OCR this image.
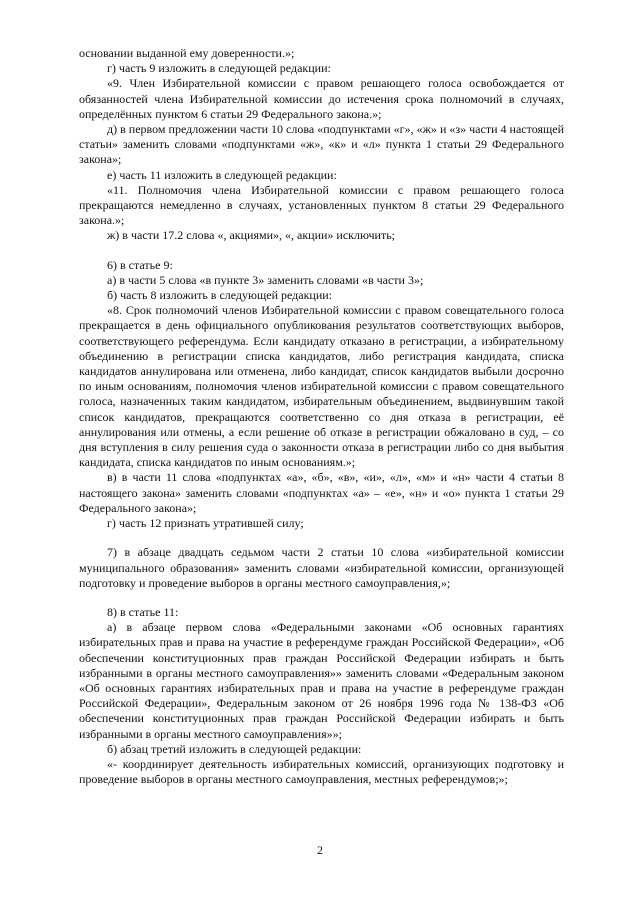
основании выданной ему доверенности.»;

г) часть 9 изложить в следующей редакции:

«9. Член Избирательной комиссии с правом решающего голоса освобождается от обязанностей члена Избирательной комиссии до истечения срока полномочий в случаях, определённых пунктом 6 статьи 29 Федерального закона.»;

д) в первом предложении части 10 слова «подпунктами «г», «ж» и «з» части 4 настоящей статьи» заменить словами «подпунктами «ж», «к» и «л» пункта 1 статьи 29 Федерального закона»;

е) часть 11 изложить в следующей редакции:

«11. Полномочия члена Избирательной комиссии с правом решающего голоса прекращаются немедленно в случаях, установленных пунктом 8 статьи 29 Федерального закона.»;

ж) в части 17.2 слова «, акциями», «, акции» исключить;

6) в статье 9:

а) в части 5 слова «в пункте 3» заменить словами «в части 3»;

б) часть 8 изложить в следующей редакции:

«8. Срок полномочий членов Избирательной комиссии с правом совещательного голоса прекращается в день официального опубликования результатов соответствующих выборов, соответствующего референдума. Если кандидату отказано в регистрации, а избирательному объединению в регистрации списка кандидатов, либо регистрация кандидата, списка кандидатов аннулирована или отменена, либо кандидат, список кандидатов выбыли досрочно по иным основаниям, полномочия членов избирательной комиссии с правом совещательного голоса, назначенных таким кандидатом, избирательным объединением, выдвинувшим такой список кандидатов, прекращаются соответственно со дня отказа в регистрации, её аннулирования или отмены, а если решение об отказе в регистрации обжаловано в суд, – со дня вступления в силу решения суда о законности отказа в регистрации либо со дня выбытия кандидата, списка кандидатов по иным основаниям.»;

в) в части 11 слова «подпунктах «а», «б», «в», «и», «л», «м» и «н» части 4 статьи 8 настоящего закона» заменить словами «подпунктах «а» – «е», «н» и «о» пункта 1 статьи 29 Федерального закона»;

г) часть 12 признать утратившей силу;

7) в абзаце двадцать седьмом части 2 статьи 10 слова «избирательной комиссии муниципального образования» заменить словами «избирательной комиссии, организующей подготовку и проведение выборов в органы местного самоуправления,»;

8) в статье 11:

а) в абзаце первом слова «Федеральными законами «Об основных гарантиях избирательных прав и права на участие в референдуме граждан Российской Федерации», «Об обеспечении конституционных прав граждан Российской Федерации избирать и быть избранными в органы местного самоуправления»» заменить словами «Федеральным законом «Об основных гарантиях избирательных прав и права на участие в референдуме граждан Российской Федерации», Федеральным законом от 26 ноября 1996 года № 138-ФЗ «Об обеспечении конституционных прав граждан Российской Федерации избирать и быть избранными в органы местного самоуправления»»;

б) абзац третий изложить в следующей редакции:

«- координирует деятельность избирательных комиссий, организующих подготовку и проведение выборов в органы местного самоуправления, местных референдумов;»;

2
